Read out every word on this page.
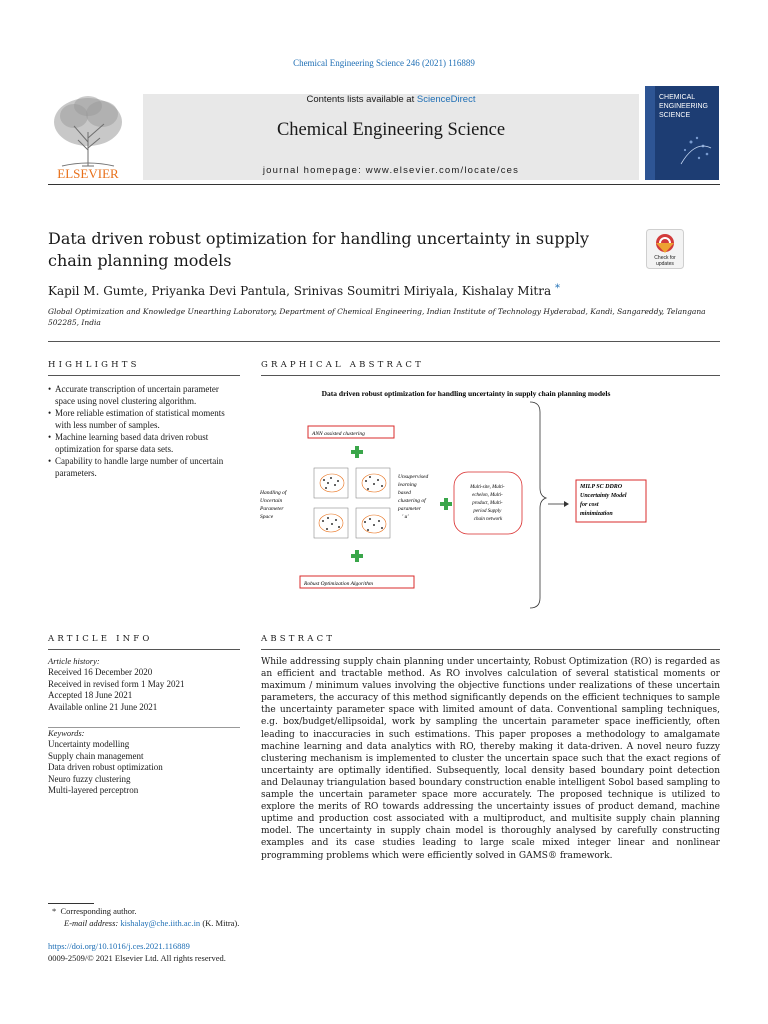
Chemical Engineering Science 246 (2021) 116889
Contents lists available at ScienceDirect
Chemical Engineering Science
journal homepage: www.elsevier.com/locate/ces
ELSEVIER
CHEMICAL ENGINEERING SCIENCE
Data driven robust optimization for handling uncertainty in supply chain planning models	Check for updates
Kapil M. Gumte, Priyanka Devi Pantula, Srinivas Soumitri Miriyala, Kishalay Mitra *
Global Optimization and Knowledge Unearthing Laboratory, Department of Chemical Engineering, Indian Institute of Technology Hyderabad, Kandi, Sangareddy, Telangana 502285, India
HIGHLIGHTS
• Accurate transcription of uncertain parameter space using novel clustering algorithm.
• More reliable estimation of statistical moments with less number of samples.
• Machine learning based data driven robust optimization for sparse data sets.
• Capability to handle large number of uncertain parameters.
GRAPHICAL ABSTRACT
Data driven robust optimization for handling uncertainty in supply chain planning models
ANN assisted clustering
Handling of Uncertain Parameter Space
Unsupervised learning based clustering of parameter ' u'
Multi-site, Multi- echelon, Multi- product, Multi- period Supply chain network
MILP SC DDRO Uncertainty Model for cost minimization
Robust Optimization Algorithm
ARTICLE INFO
Article history:
Received 16 December 2020
Received in revised form 1 May 2021
Accepted 18 June 2021
Available online 21 June 2021
Keywords:
Uncertainty modelling
Supply chain management
Data driven robust optimization
Neuro fuzzy clustering
Multi-layered perceptron
ABSTRACT
While addressing supply chain planning under uncertainty, Robust Optimization (RO) is regarded as an efficient and tractable method. As RO involves calculation of several statistical moments or maximum / minimum values involving the objective functions under realizations of these uncertain parameters, the accuracy of this method significantly depends on the efficient techniques to sample the uncertainty parameter space with limited amount of data. Conventional sampling techniques, e.g. box/budget/ellipsoidal, work by sampling the uncertain parameter space inefficiently, often leading to inaccuracies in such estimations. This paper proposes a methodology to amalgamate machine learning and data analytics with RO, thereby making it data-driven. A novel neuro fuzzy clustering mechanism is implemented to cluster the uncertain space such that the exact regions of uncertainty are optimally identified. Subsequently, local density based boundary point detection and Delaunay triangulation based boundary construction enable intelligent Sobol based sampling to sample the uncertain parameter space more accurately. The proposed technique is utilized to explore the merits of RO towards addressing the uncertainty issues of product demand, machine uptime and production cost associated with a multiproduct, and multisite supply chain planning model. The uncertainty in supply chain model is thoroughly analysed by carefully constructing examples and its case studies leading to large scale mixed integer linear and nonlinear programming problems which were efficiently solved in GAMS® framework.
* Corresponding author.
E-mail address: kishalay@che.iith.ac.in (K. Mitra).
https://doi.org/10.1016/j.ces.2021.116889
0009-2509/© 2021 Elsevier Ltd. All rights reserved.
